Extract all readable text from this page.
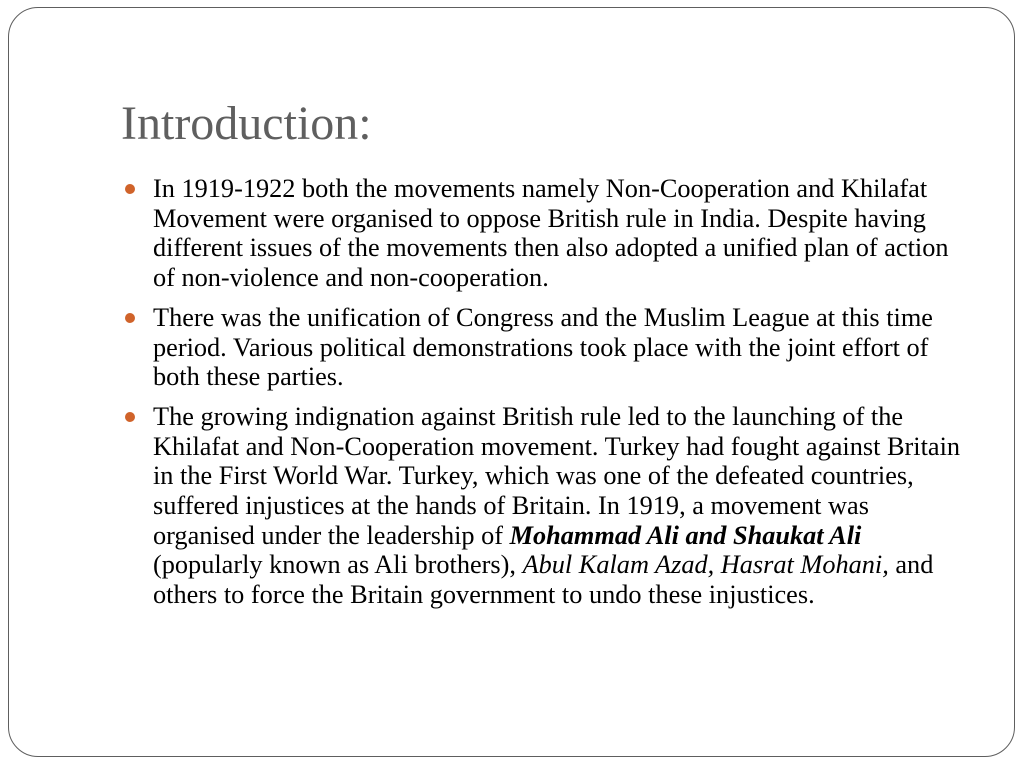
Introduction:
In 1919-1922 both the movements namely Non-Cooperation and Khilafat Movement were organised to oppose British rule in India. Despite having different issues of the movements then also adopted a unified plan of action of non-violence and non-cooperation.
There was the unification of Congress and the Muslim League at this time period. Various political demonstrations took place with the joint effort of both these parties.
The growing indignation against British rule led to the launching of the Khilafat and Non-Cooperation movement. Turkey had fought against Britain in the First World War. Turkey, which was one of the defeated countries, suffered injustices at the hands of Britain. In 1919, a movement was organised under the leadership of Mohammad Ali and Shaukat Ali (popularly known as Ali brothers), Abul Kalam Azad, Hasrat Mohani, and others to force the Britain government to undo these injustices.
